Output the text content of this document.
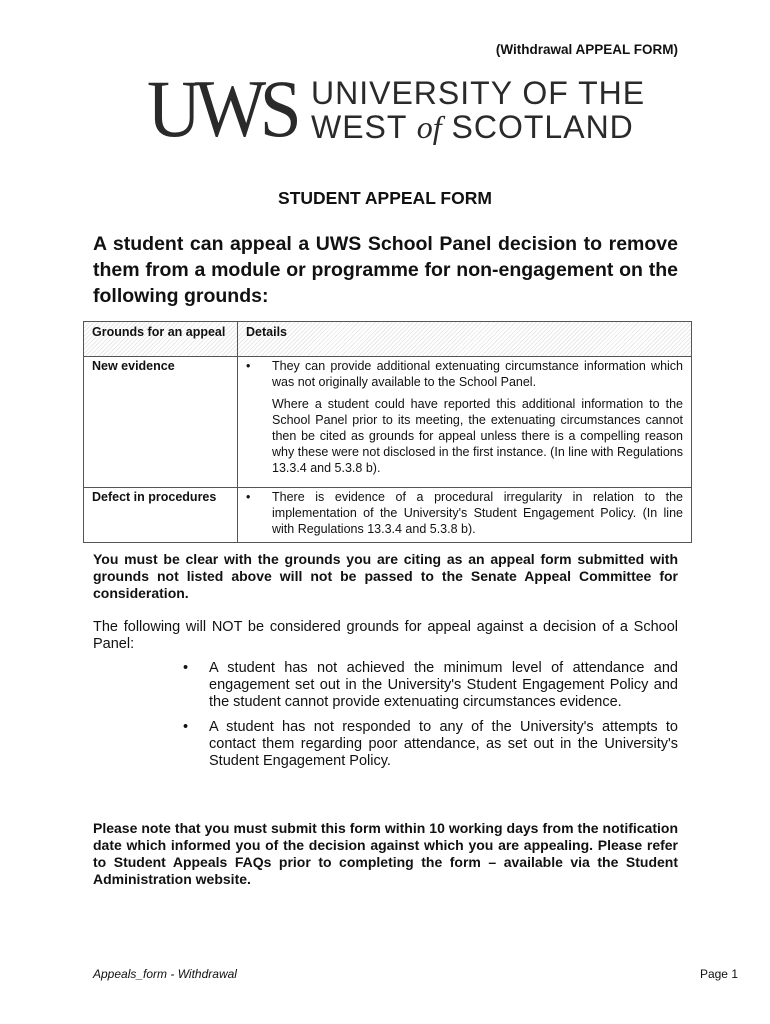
(Withdrawal APPEAL FORM)
UWS UNIVERSITY OF THE
WEST of SCOTLAND
STUDENT APPEAL FORM
A student can appeal a UWS School Panel decision to remove them from a module or programme for non-engagement on the following grounds:
Grounds for an appeal	Details
New evidence	• They can provide additional extenuating circumstance information which was not originally available to the School Panel.

Where a student could have reported this additional information to the School Panel prior to its meeting, the extenuating circumstances cannot then be cited as grounds for appeal unless there is a compelling reason why these were not disclosed in the first instance. (In line with Regulations 13.3.4 and 5.3.8 b).

Defect in procedures	• There is evidence of a procedural irregularity in relation to the implementation of the University's Student Engagement Policy. (In line with Regulations 13.3.4 and 5.3.8 b).
You must be clear with the grounds you are citing as an appeal form submitted with grounds not listed above will not be passed to the Senate Appeal Committee for consideration.
The following will NOT be considered grounds for appeal against a decision of a School Panel:
•	A student has not achieved the minimum level of attendance and engagement set out in the University's Student Engagement Policy and the student cannot provide extenuating circumstances evidence.
•	A student has not responded to any of the University's attempts to contact them regarding poor attendance, as set out in the University's Student Engagement Policy.
Please note that you must submit this form within 10 working days from the notification date which informed you of the decision against which you are appealing. Please refer to Student Appeals FAQs prior to completing the form – available via the Student Administration website.
Appeals_form - Withdrawal	Page 1
